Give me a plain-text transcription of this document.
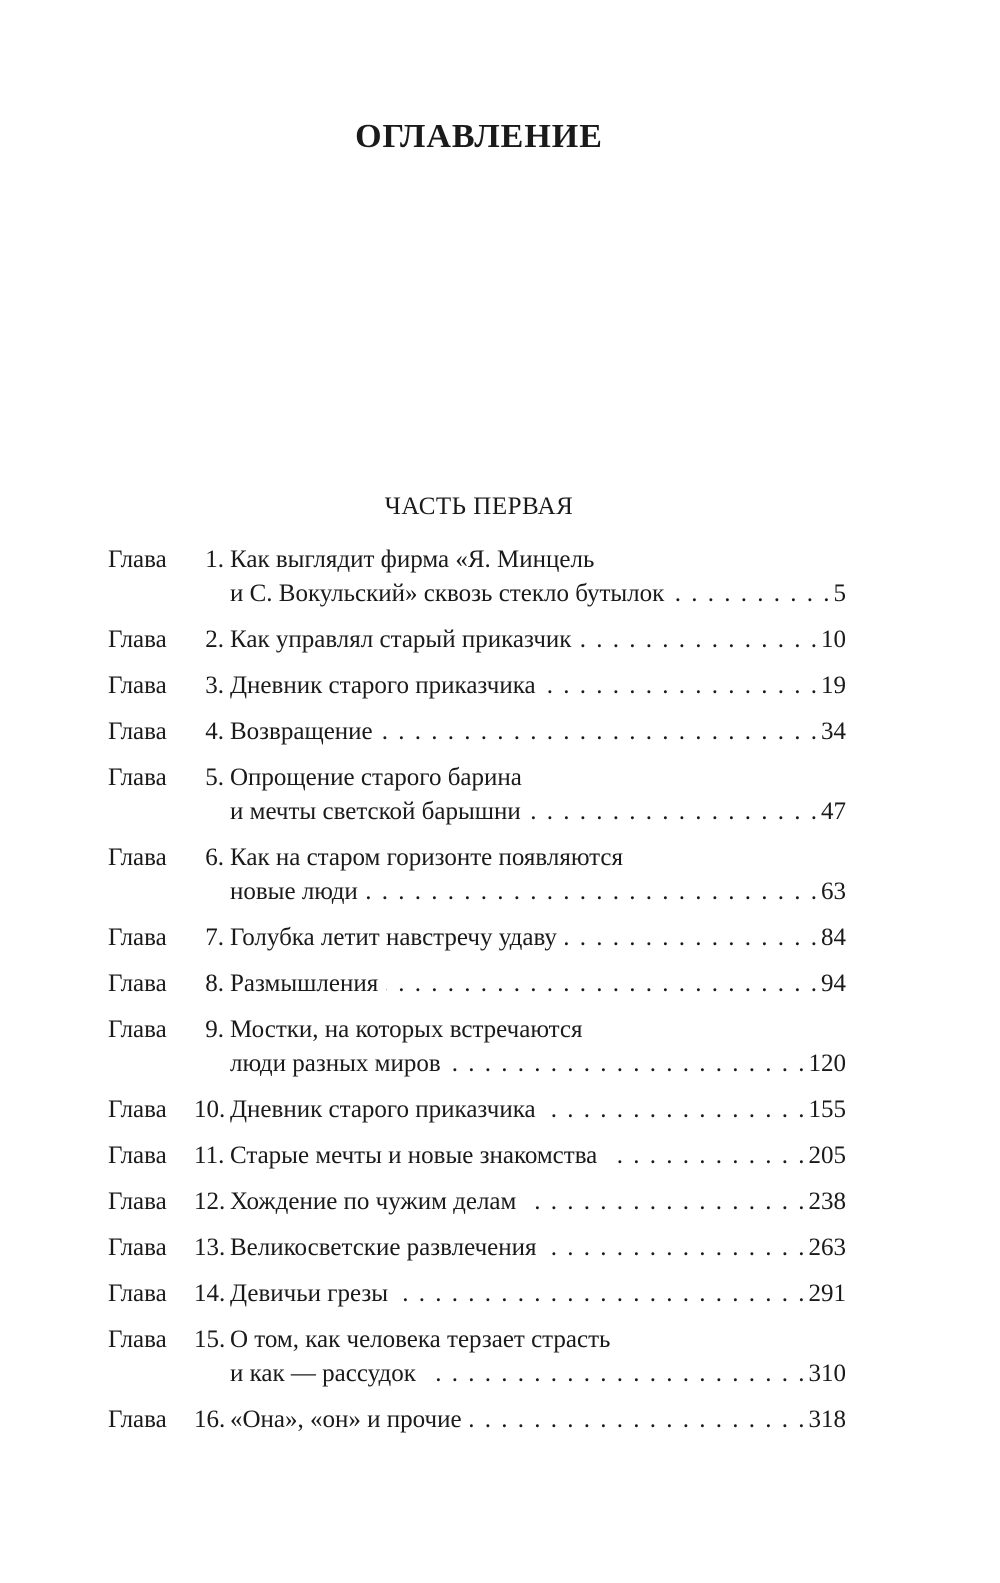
ОГЛАВЛЕНИЕ
ЧАСТЬ ПЕРВАЯ
Глава	1. Как выглядит фирма «Я. Минцель
и С. Вокульский» сквозь стекло бутылок . . .	5
Глава	2. Как управлял старый приказчик . . .	10
Глава	3. Дневник старого приказчика . . .	19
Глава	4. Возвращение . . .	34
Глава	5. Опрощение старого барина
и мечты светской барышни . . .	47
Глава	6. Как на старом горизонте появляются
новые люди . . .	63
Глава	7. Голубка летит навстречу удаву . . .	84
Глава	8. Размышления . . .	94
Глава	9. Мостки, на которых встречаются
люди разных миров . . .	120
Глава	10. Дневник старого приказчика . . .	155
Глава	11. Старые мечты и новые знакомства . . .	205
Глава	12. Хождение по чужим делам . . .	238
Глава	13. Великосветские развлечения . . .	263
Глава	14. Девичьи грезы . . .	291
Глава	15. О том, как человека терзает страсть
и как — рассудок . . .	310
Глава	16. «Она», «он» и прочие . . .	318
